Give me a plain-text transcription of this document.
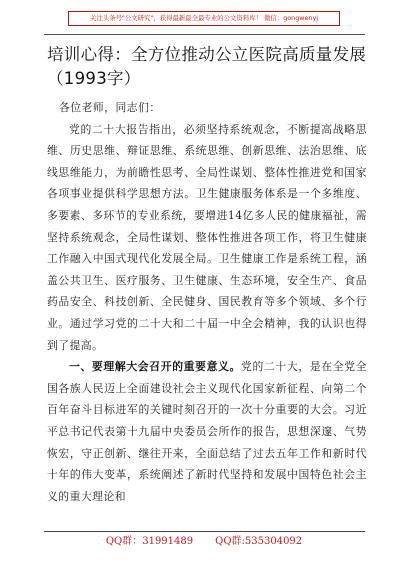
关注头条号"公文研究"，获得最新最全最专业的公文资料库！ 微信：gongwenyj
培训心得：全方位推动公立医院高质量发展（1993字）

各位老师，同志们：

党的二十大报告指出，必须坚持系统观念，不断提高战略思维、历史思维、辩证思维、系统思维、创新思维、法治思维、底线思维能力，为前瞻性思考、全局性谋划、整体性推进党和国家各项事业提供科学思想方法。卫生健康服务体系是一个多维度、多要素、多环节的专业系统，要增进14亿多人民的健康福祉，需坚持系统观念，全局性谋划、整体性推进各项工作，将卫生健康工作融入中国式现代化发展全局。卫生健康工作是系统工程，涵盖公共卫生、医疗服务、卫生健康、生态环境，安全生产、食品药品安全、科技创新、全民健身、国民教育等多个领域、多个行业。通过学习党的二十大和二十届一中全会精神，我的认识也得到了提高。

一、要理解大会召开的重要意义。党的二十大，是在全党全国各族人民迈上全面建设社会主义现代化国家新征程、向第二个百年奋斗目标进军的关键时刻召开的一次十分重要的大会。习近平总书记代表第十九届中央委员会所作的报告，思想深邃、气势恢宏，守正创新、继往开来，全面总结了过去五年工作和新时代十年的伟大变革，系统阐述了新时代坚持和发展中国特色社会主义的重大理论和

QQ群：31991489 QQ群:535304092
